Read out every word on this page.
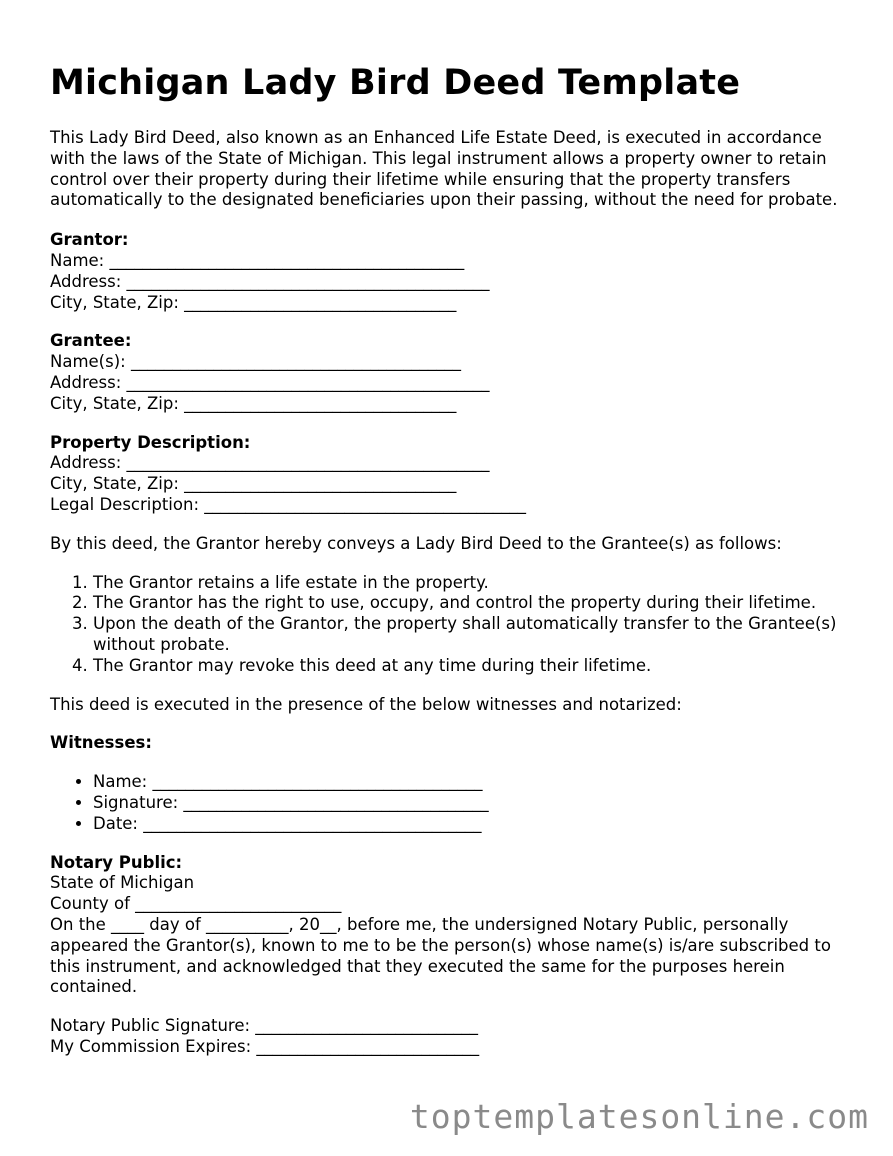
Michigan Lady Bird Deed Template

This Lady Bird Deed, also known as an Enhanced Life Estate Deed, is executed in accordance with the laws of the State of Michigan. This legal instrument allows a property owner to retain control over their property during their lifetime while ensuring that the property transfers automatically to the designated beneficiaries upon their passing, without the need for probate.

Grantor:
Name: ___________________________________________
Address: ____________________________________________
City, State, Zip: _________________________________
Grantee:
Name(s): ________________________________________
Address: ____________________________________________
City, State, Zip: _________________________________
Property Description:
Address: ____________________________________________
City, State, Zip: _________________________________
Legal Description: _______________________________________

By this deed, the Grantor hereby conveys a Lady Bird Deed to the Grantee(s) as follows:

1. The Grantor retains a life estate in the property.
2. The Grantor has the right to use, occupy, and control the property during their lifetime.
3. Upon the death of the Grantor, the property shall automatically transfer to the Grantee(s) without probate.
4. The Grantor may revoke this deed at any time during their lifetime.

This deed is executed in the presence of the below witnesses and notarized:

Witnesses:

• Name: ________________________________________
• Signature: _____________________________________
• Date: _________________________________________
Notary Public:
State of Michigan
County of _________________________
On the ____ day of __________, 20__, before me, the undersigned Notary Public, personally appeared the Grantor(s), known to me to be the person(s) whose name(s) is/are subscribed to this instrument, and acknowledged that they executed the same for the purposes herein contained.
Notary Public Signature: ___________________________
My Commission Expires: ___________________________
toptemplatesonline.com
